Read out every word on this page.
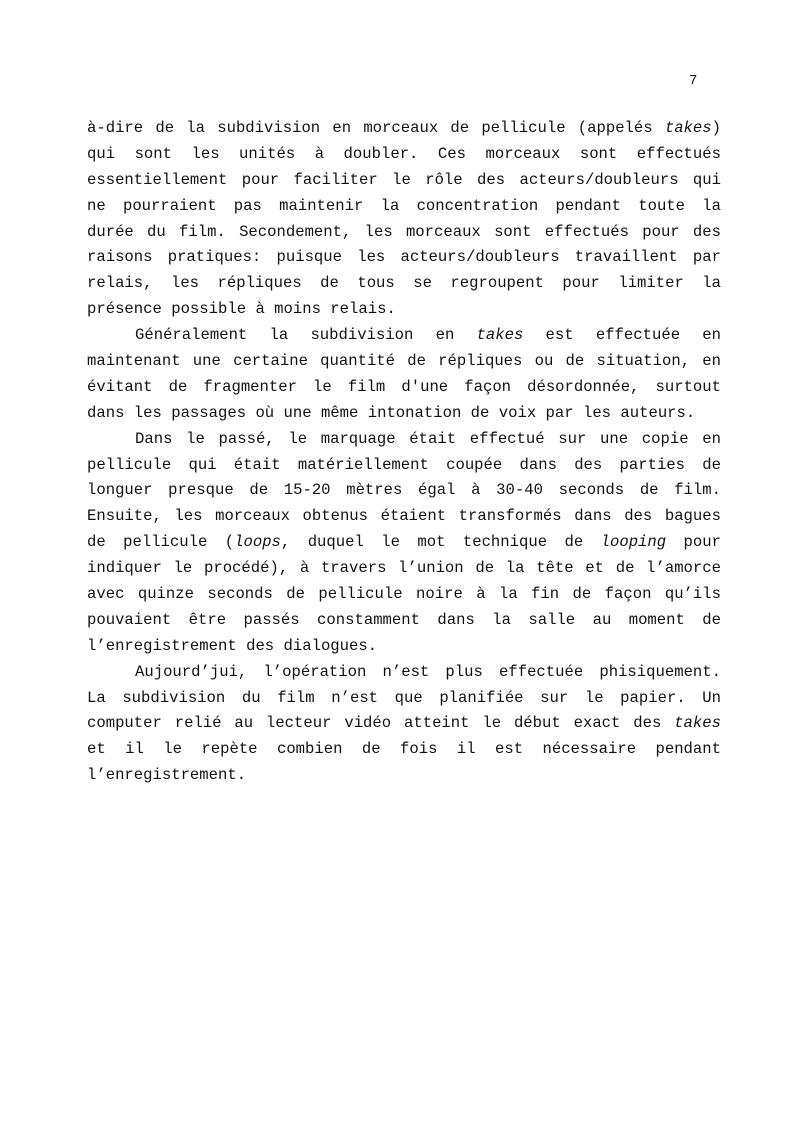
7
à-dire de la subdivision en morceaux de pellicule (appelés takes)
qui sont les unités à doubler. Ces morceaux sont effectués
essentiellement pour faciliter le rôle des acteurs/doubleurs qui
ne pourraient pas maintenir la concentration pendant toute la
durée du film. Secondement, les morceaux sont effectués pour des
raisons pratiques: puisque les acteurs/doubleurs travaillent par
relais, les répliques de tous se regroupent pour limiter la
présence possible à moins relais.
Généralement la subdivision en takes est effectuée en
maintenant une certaine quantité de répliques ou de situation, en
évitant de fragmenter le film d'une façon désordonnée, surtout
dans les passages où une même intonation de voix par les auteurs.
Dans le passé, le marquage était effectué sur une copie en
pellicule qui était matériellement coupée dans des parties de
longuer presque de 15-20 mètres égal à 30-40 seconds de film.
Ensuite, les morceaux obtenus étaient transformés dans des bagues
de pellicule (loops, duquel le mot technique de looping pour
indiquer le procédé), à travers l’union de la tête et de l’amorce
avec quinze seconds de pellicule noire à la fin de façon qu’ils
pouvaient être passés constamment dans la salle au moment de
l’enregistrement des dialogues.
Aujourd’jui, l’opération n’est plus effectuée phisiquement.
La subdivision du film n’est que planifiée sur le papier. Un
computer relié au lecteur vidéo atteint le début exact des takes
et il le repète combien de fois il est nécessaire pendant
l’enregistrement.
